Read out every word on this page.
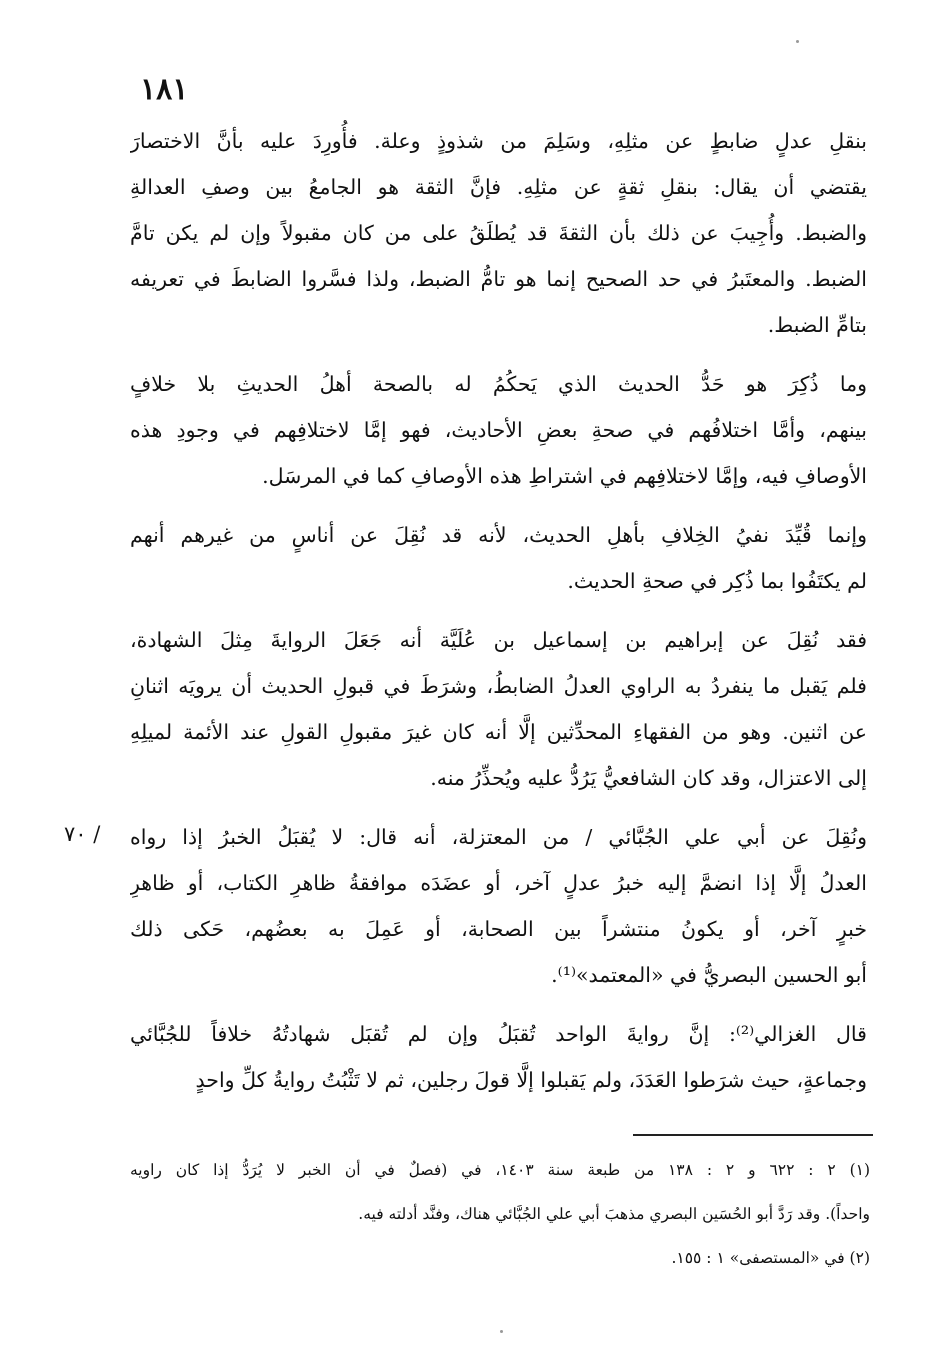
١٨١
/ ٧٠
بنقلِ عدلٍ ضابطٍ عن مثلِهِ، وسَلِمَ من شذوذٍ وعلة. فأُورِدَ عليه بأنَّ الاختصارَ
يقتضي أن يقال: بنقلِ ثقةٍ عن مثلِهِ. فإنَّ الثقة هو الجامعُ بين وصفِ العدالةِ
والضبط. وأُجِيبَ عن ذلك بأن الثقةَ قد يُطلَقُ على من كان مقبولاً وإن لم يكن تامَّ
الضبط. والمعتَبرُ في حد الصحيح إنما هو تامُّ الضبط، ولذا فسَّروا الضابطَ في تعريفه
بتامِّ الضبط.
وما ذُكِرَ هو حَدُّ الحديث الذي يَحكُمُ له بالصحة أهلُ الحديثِ بلا خلافٍ
بينهم، وأمَّا اختلافُهم في صحةِ بعضِ الأحاديث، فهو إمَّا لاختلافِهم في وجودِ هذه
الأوصافِ فيه، وإمَّا لاختلافِهم في اشتراطِ هذه الأوصافِ كما في المرسَل.
وإنما قُيِّدَ نفيُ الخِلافِ بأهلِ الحديث، لأنه قد نُقِلَ عن أناسٍ من غيرهم أنهم
لم يكتَفُوا بما ذُكِر في صحةِ الحديث.
فقد نُقِلَ عن إبراهيم بن إسماعيل بن عُلَيَّة أنه جَعَلَ الروايةَ مِثلَ الشهادة،
فلم يَقبل ما ينفردُ به الراوي العدلُ الضابطُ، وشرَطَ في قبولِ الحديث أن يرويَه اثنانِ
عن اثنين. وهو من الفقهاءِ المحدِّثين إلَّا أنه كان غيرَ مقبولِ القولِ عند الأئمة لميلِهِ
إلى الاعتزال، وقد كان الشافعيُّ يَرُدُّ عليه ويُحذِّرُ منه.
ونُقِلَ عن أبي علي الجُبَّائي / من المعتزلة، أنه قال: لا يُقبَلُ الخبرُ إذا رواه
العدلُ إلَّا إذا انضمَّ إليه خبرُ عدلٍ آخر، أو عضَدَه موافقةُ ظاهرِ الكتاب، أو ظاهرِ
خبرٍ آخر، أو يكونُ منتشراً بين الصحابة، أو عَمِلَ به بعضُهم، حَكى ذلك
أبو الحسين البصريُّ في «المعتمد»⁽¹⁾.
قال الغزالي⁽²⁾: إنَّ روايةَ الواحد تُقبَلُ وإن لم تُقبَل شهادتُهُ خلافاً للجُبَّائي
وجماعةٍ، حيث شرَطوا العَدَدَ، ولم يَقبلوا إلَّا قولَ رجلين، ثم لا تَثْبُتُ روايةُ كلِّ واحدٍ
(١) ٢ : ٦٢٢ و ٢ : ١٣٨ من طبعة سنة ١٤٠٣، في (فصلٌ في أن الخبر لا يُرَدُّ إذا كان راويه
واحداً). وقد رَدَّ أبو الحُسَين البصري مذهبَ أبي علي الجُبَّائي هناك، وفنَّد أدلته فيه.
(٢) في «المستصفى» ١ : ١٥٥.
